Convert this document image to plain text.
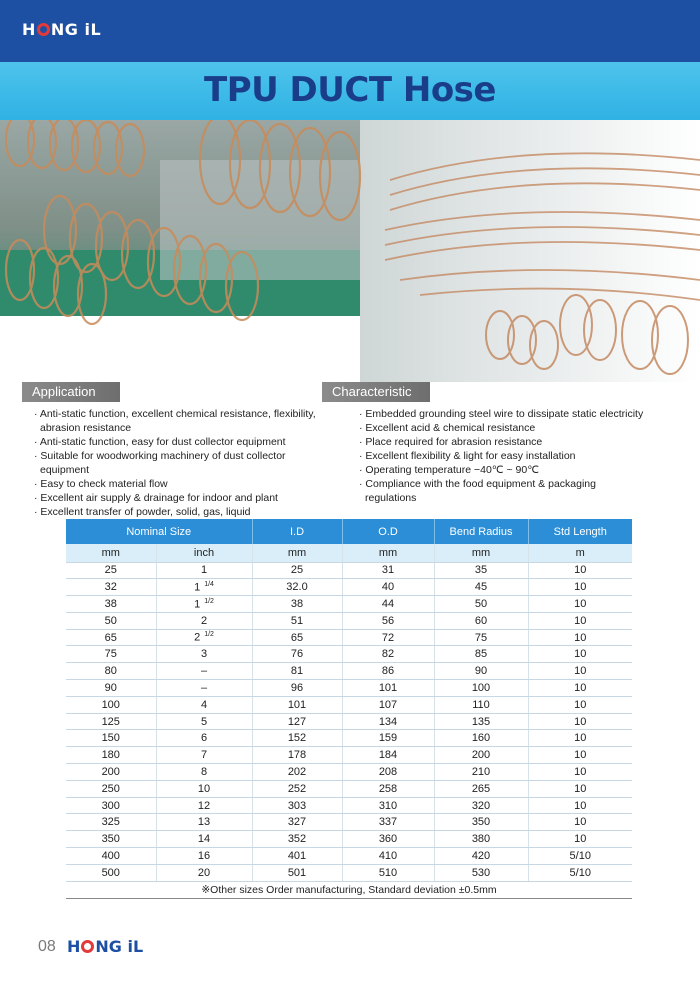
H NG iL
TPU DUCT Hose
Application	Characteristic
· Anti-static function, excellent chemical resistance, flexibility, abrasion resistance
· Anti-static function, easy for dust collector equipment
· Suitable for woodworking machinery of dust collector equipment
· Easy to check material flow
· Excellent air supply & drainage for indoor and plant
· Excellent transfer of powder, solid, gas, liquid
· Embedded grounding steel wire to dissipate static electricity
· Excellent acid & chemical resistance
· Place required for abrasion resistance
· Excellent flexibility & light for easy installation
· Operating temperature −40℃ ~ 90℃
· Compliance with the food equipment & packaging regulations
Nominal Size		I.D	O.D	Bend Radius	Std Length
mm	inch	mm	mm	mm	m
25	1	25	31	35	10
32	1 $^{1/4}$	32.0	40	45	10
38	1 $^{1/2}$	38	44	50	10
50	2	51	56	60	10
65	2 $^{1/2}$	65	72	75	10
75	3	76	82	85	10
80	–	81	86	90	10
90	–	96	101	100	10
100	4	101	107	110	10
125	5	127	134	135	10
150	6	152	159	160	10
180	7	178	184	200	10
200	8	202	208	210	10
250	10	252	258	265	10
300	12	303	310	320	10
325	13	327	337	350	10
350	14	352	360	380	10
400	16	401	410	420	5/10
500	20	501	510	530	5/10
※Other sizes Order manufacturing, Standard deviation ±0.5mm					
08 H NG iL
